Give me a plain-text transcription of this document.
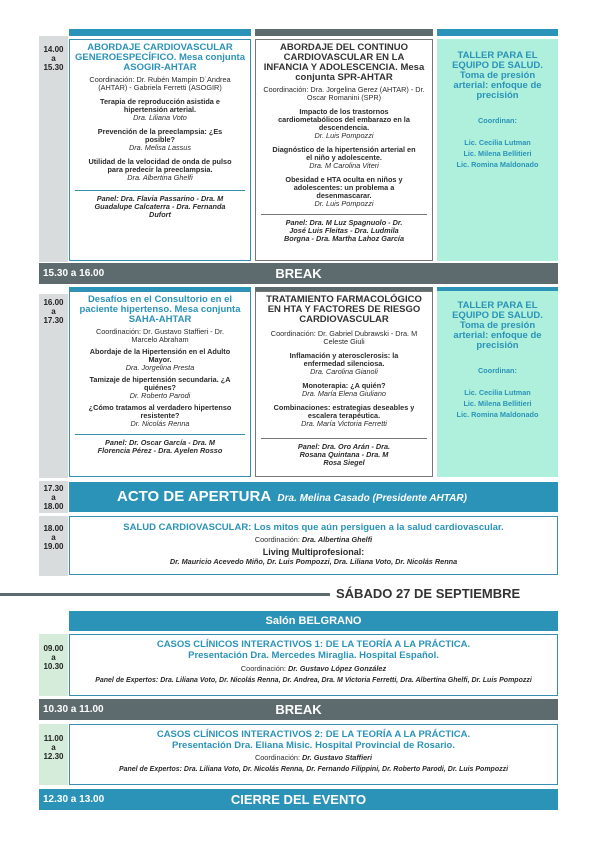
14.00
a
15.30
ABORDAJE CARDIOVASCULAR GENEROESPECÍFICO. Mesa conjunta ASOGIR-AHTAR
Coordinación: Dr. Rubén Mampin D´Andrea (AHTAR) - Gabriela Ferretti (ASOGIR)
Terapia de reproducción asistida e hipertensión arterial.
Dra. Liliana Voto
Prevención de la preeclampsia: ¿Es posible?
Dra. Melisa Lassus
Utilidad de la velocidad de onda de pulso para predecir la preeclampsia.
Dra. Albertina Ghelfi
Panel: Dra. Flavia Passarino - Dra. M Guadalupe Calcaterra - Dra. Fernanda Dufort
ABORDAJE DEL CONTINUO CARDIOVASCULAR EN LA INFANCIA Y ADOLESCENCIA. Mesa conjunta SPR-AHTAR
Coordinación: Dra. Jorgelina Gerez (AHTAR) - Dr. Oscar Romanini (SPR)
Impacto de los trastornos cardiometabólicos del embarazo en la descendencia.
Dr. Luis Pompozzi
Diagnóstico de la hipertensión arterial en el niño y adolescente.
Dra. M Carolina Viteri
Obesidad e HTA oculta en niños y adolescentes: un problema a desenmascarar.
Dr. Luis Pompozzi
Panel: Dra. M Luz Spagnuolo - Dr. José Luis Fleitas - Dra. Ludmila Borgna - Dra. Martha Lahoz García
TALLER PARA EL EQUIPO DE SALUD. Toma de presión arterial: enfoque de precisión
Coordinan:
Lic. Cecilia Lutman
Lic. Milena Bellitieri
Lic. Romina Maldonado
15.30 a 16.00	BREAK
16.00
a
17.30
Desafíos en el Consultorio en el paciente hipertenso. Mesa conjunta SAHA-AHTAR
Coordinación: Dr. Gustavo Staffieri - Dr. Marcelo Abraham
Abordaje de la Hipertensión en el Adulto Mayor.
Dra. Jorgelina Presta
Tamizaje de hipertensión secundaria. ¿A quiénes?
Dr. Roberto Parodi
¿Cómo tratamos al verdadero hipertenso resistente?
Dr. Nicolás Renna
Panel: Dr. Oscar García - Dra. M Florencia Pérez - Dra. Ayelen Rosso
TRATAMIENTO FARMACOLÓGICO EN HTA Y FACTORES DE RIESGO CARDIOVASCULAR
Coordinación: Dr. Gabriel Dubrawski - Dra. M Celeste Giuli
Inflamación y aterosclerosis: la enfermedad silenciosa.
Dra. Carolina Gianoli
Monoterapia: ¿A quién?
Dra. María Elena Giuliano
Combinaciones: estrategias deseables y escalera terapéutica.
Dra. María Victoria Ferretti
Panel: Dra. Oro Arán - Dra. Rosana Quintana - Dra. M Rosa Siegel
TALLER PARA EL EQUIPO DE SALUD. Toma de presión arterial: enfoque de precisión
Coordinan:
Lic. Cecilia Lutman
Lic. Milena Bellitieri
Lic. Romina Maldonado
17.30
a
18.00
ACTO DE APERTURA Dra. Melina Casado (Presidente AHTAR)
18.00
a
19.00
SALUD CARDIOVASCULAR: Los mitos que aún persiguen a la salud cardiovascular.
Coordinación: Dra. Albertina Ghelfi
Living Multiprofesional:
Dr. Mauricio Acevedo Miño, Dr. Luis Pompozzi, Dra. Liliana Voto, Dr. Nicolás Renna
SÁBADO 27 DE SEPTIEMBRE
Salón BELGRANO
09.00
a
10.30
CASOS CLÍNICOS INTERACTIVOS 1: DE LA TEORÍA A LA PRÁCTICA.
Presentación Dra. Mercedes Miraglia. Hospital Español.
Coordinación: Dr. Gustavo López González
Panel de Expertos: Dra. Liliana Voto, Dr. Nicolás Renna, Dr. Andrea, Dra. M Victoria Ferretti, Dra. Albertina Ghelfi, Dr. Luis Pompozzi
10.30 a 11.00	BREAK
11.00
a
12.30
CASOS CLÍNICOS INTERACTIVOS 2: DE LA TEORÍA A LA PRÁCTICA.
Presentación Dra. Eliana Misic. Hospital Provincial de Rosario.
Coordinación: Dr. Gustavo Staffieri
Panel de Expertos: Dra. Liliana Voto, Dr. Nicolás Renna, Dr. Fernando Filippini, Dr. Roberto Parodi, Dr. Luis Pompozzi
12.30 a 13.00	CIERRE DEL EVENTO
